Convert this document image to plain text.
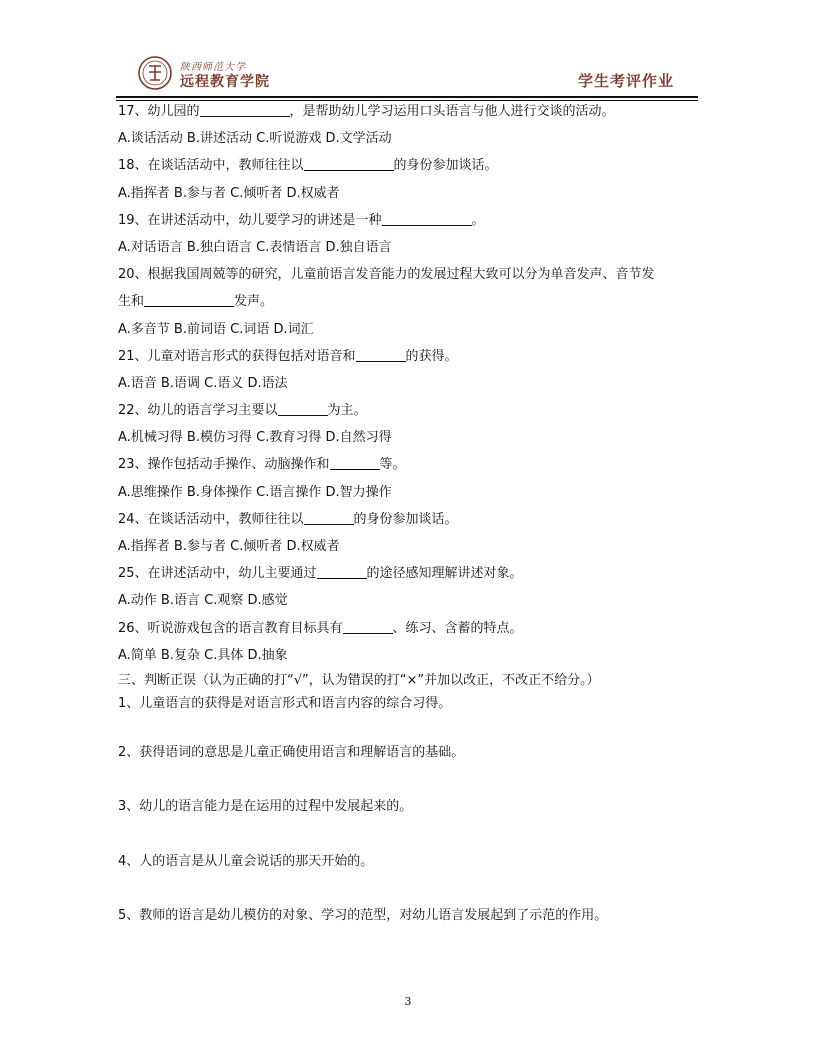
陕西师范大学
远程教育学院	学生考评作业
17、幼儿园的	，是帮助幼儿学习运用口头语言与他人进行交谈的活动。
A.谈话活动 B.讲述活动 C.听说游戏 D.文学活动
18、在谈话活动中，教师往往以	的身份参加谈话。
A.指挥者 B.参与者 C.倾听者 D.权威者
19、在讲述活动中，幼儿要学习的讲述是一种	。
A.对话语言 B.独白语言 C.表情语言 D.独自语言
20、根据我国周兢等的研究，儿童前语言发音能力的发展过程大致可以分为单音发声、音节发
生和	发声。
A.多音节 B.前词语 C.词语 D.词汇
21、儿童对语言形式的获得包括对语音和	的获得。
A.语音 B.语调 C.语义 D.语法
22、幼儿的语言学习主要以	为主。
A.机械习得 B.模仿习得 C.教育习得 D.自然习得
23、操作包括动手操作、动脑操作和	等。
A.思维操作 B.身体操作 C.语言操作 D.智力操作
24、在谈话活动中，教师往往以	的身份参加谈话。
A.指挥者 B.参与者 C.倾听者 D.权威者
25、在讲述活动中，幼儿主要通过	的途径感知理解讲述对象。
A.动作 B.语言 C.观察 D.感觉
26、听说游戏包含的语言教育目标具有	、练习、含蓄的特点。
A.简单 B.复杂 C.具体 D.抽象
三、判断正误（认为正确的打“√”，认为错误的打“×”并加以改正，不改正不给分。）
1、儿童语言的获得是对语言形式和语言内容的综合习得。
2、获得语词的意思是儿童正确使用语言和理解语言的基础。
3、幼儿的语言能力是在运用的过程中发展起来的。
4、人的语言是从儿童会说话的那天开始的。
5、教师的语言是幼儿模仿的对象、学习的范型，对幼儿语言发展起到了示范的作用。
3
